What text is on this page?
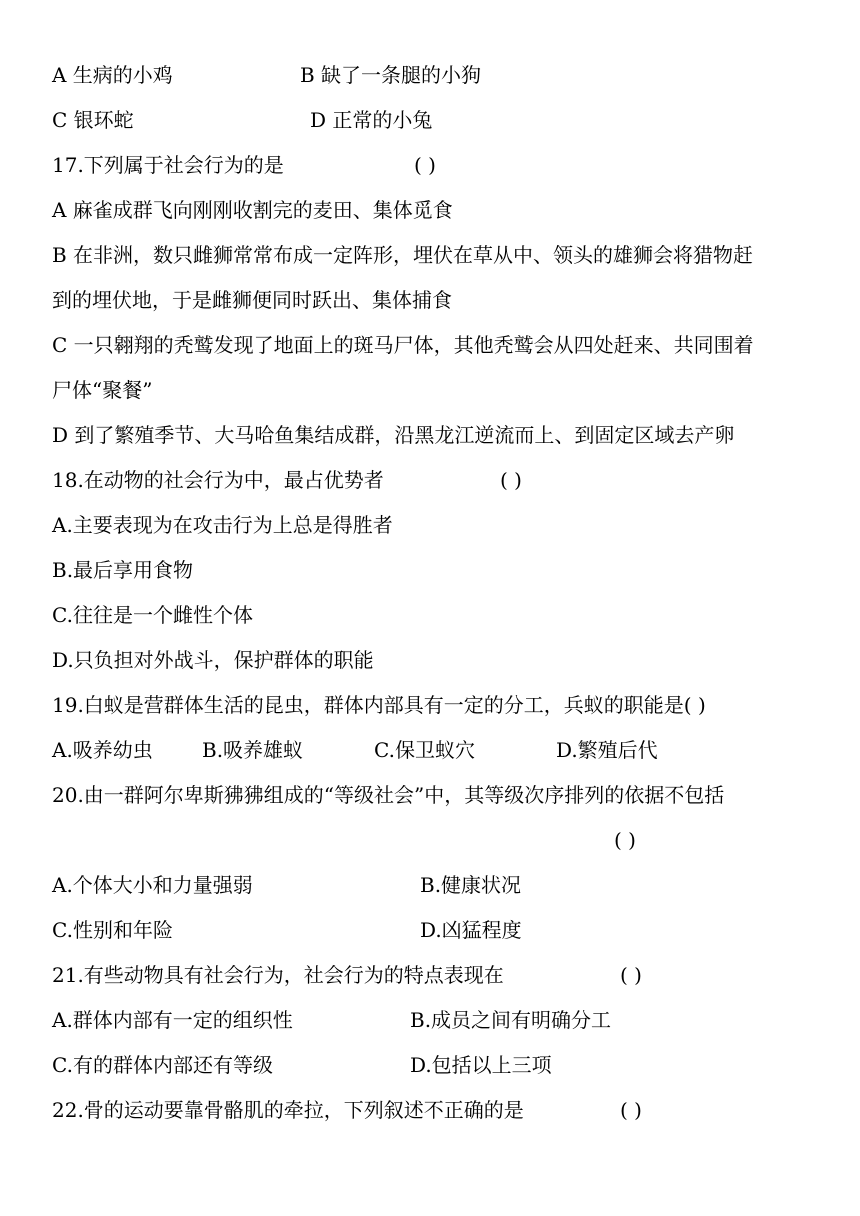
A 生病的小鸡	B 缺了一条腿的小狗
C 银环蛇	D 正常的小兔
17.下列属于社会行为的是	( )
A 麻雀成群飞向刚刚收割完的麦田、集体觅食
B 在非洲，数只雌狮常常布成一定阵形，埋伏在草从中、领头的雄狮会将猎物赶
到的埋伏地，于是雌狮便同时跃出、集体捕食
C 一只翱翔的秃鹫发现了地面上的斑马尸体，其他秃鹫会从四处赶来、共同围着
尸体“聚餐”
D 到了繁殖季节、大马哈鱼集结成群，沿黑龙江逆流而上、到固定区域去产卵
18.在动物的社会行为中，最占优势者	( )
A.主要表现为在攻击行为上总是得胜者
B.最后享用食物
C.往往是一个雌性个体
D.只负担对外战斗，保护群体的职能
19.白蚁是营群体生活的昆虫，群体内部具有一定的分工，兵蚁的职能是( )
A.吸养幼虫 B.吸养雄蚁	C.保卫蚁穴	D.繁殖后代
20.由一群阿尔卑斯狒狒组成的“等级社会”中，其等级次序排列的依据不包括
( )
A.个体大小和力量强弱	B.健康状况
C.性别和年险	D.凶猛程度
21.有些动物具有社会行为，社会行为的特点表现在	( )
A.群体内部有一定的组织性	B.成员之间有明确分工
C.有的群体内部还有等级	D.包括以上三项
22.骨的运动要靠骨骼肌的牵拉，下列叙述不正确的是	( )
